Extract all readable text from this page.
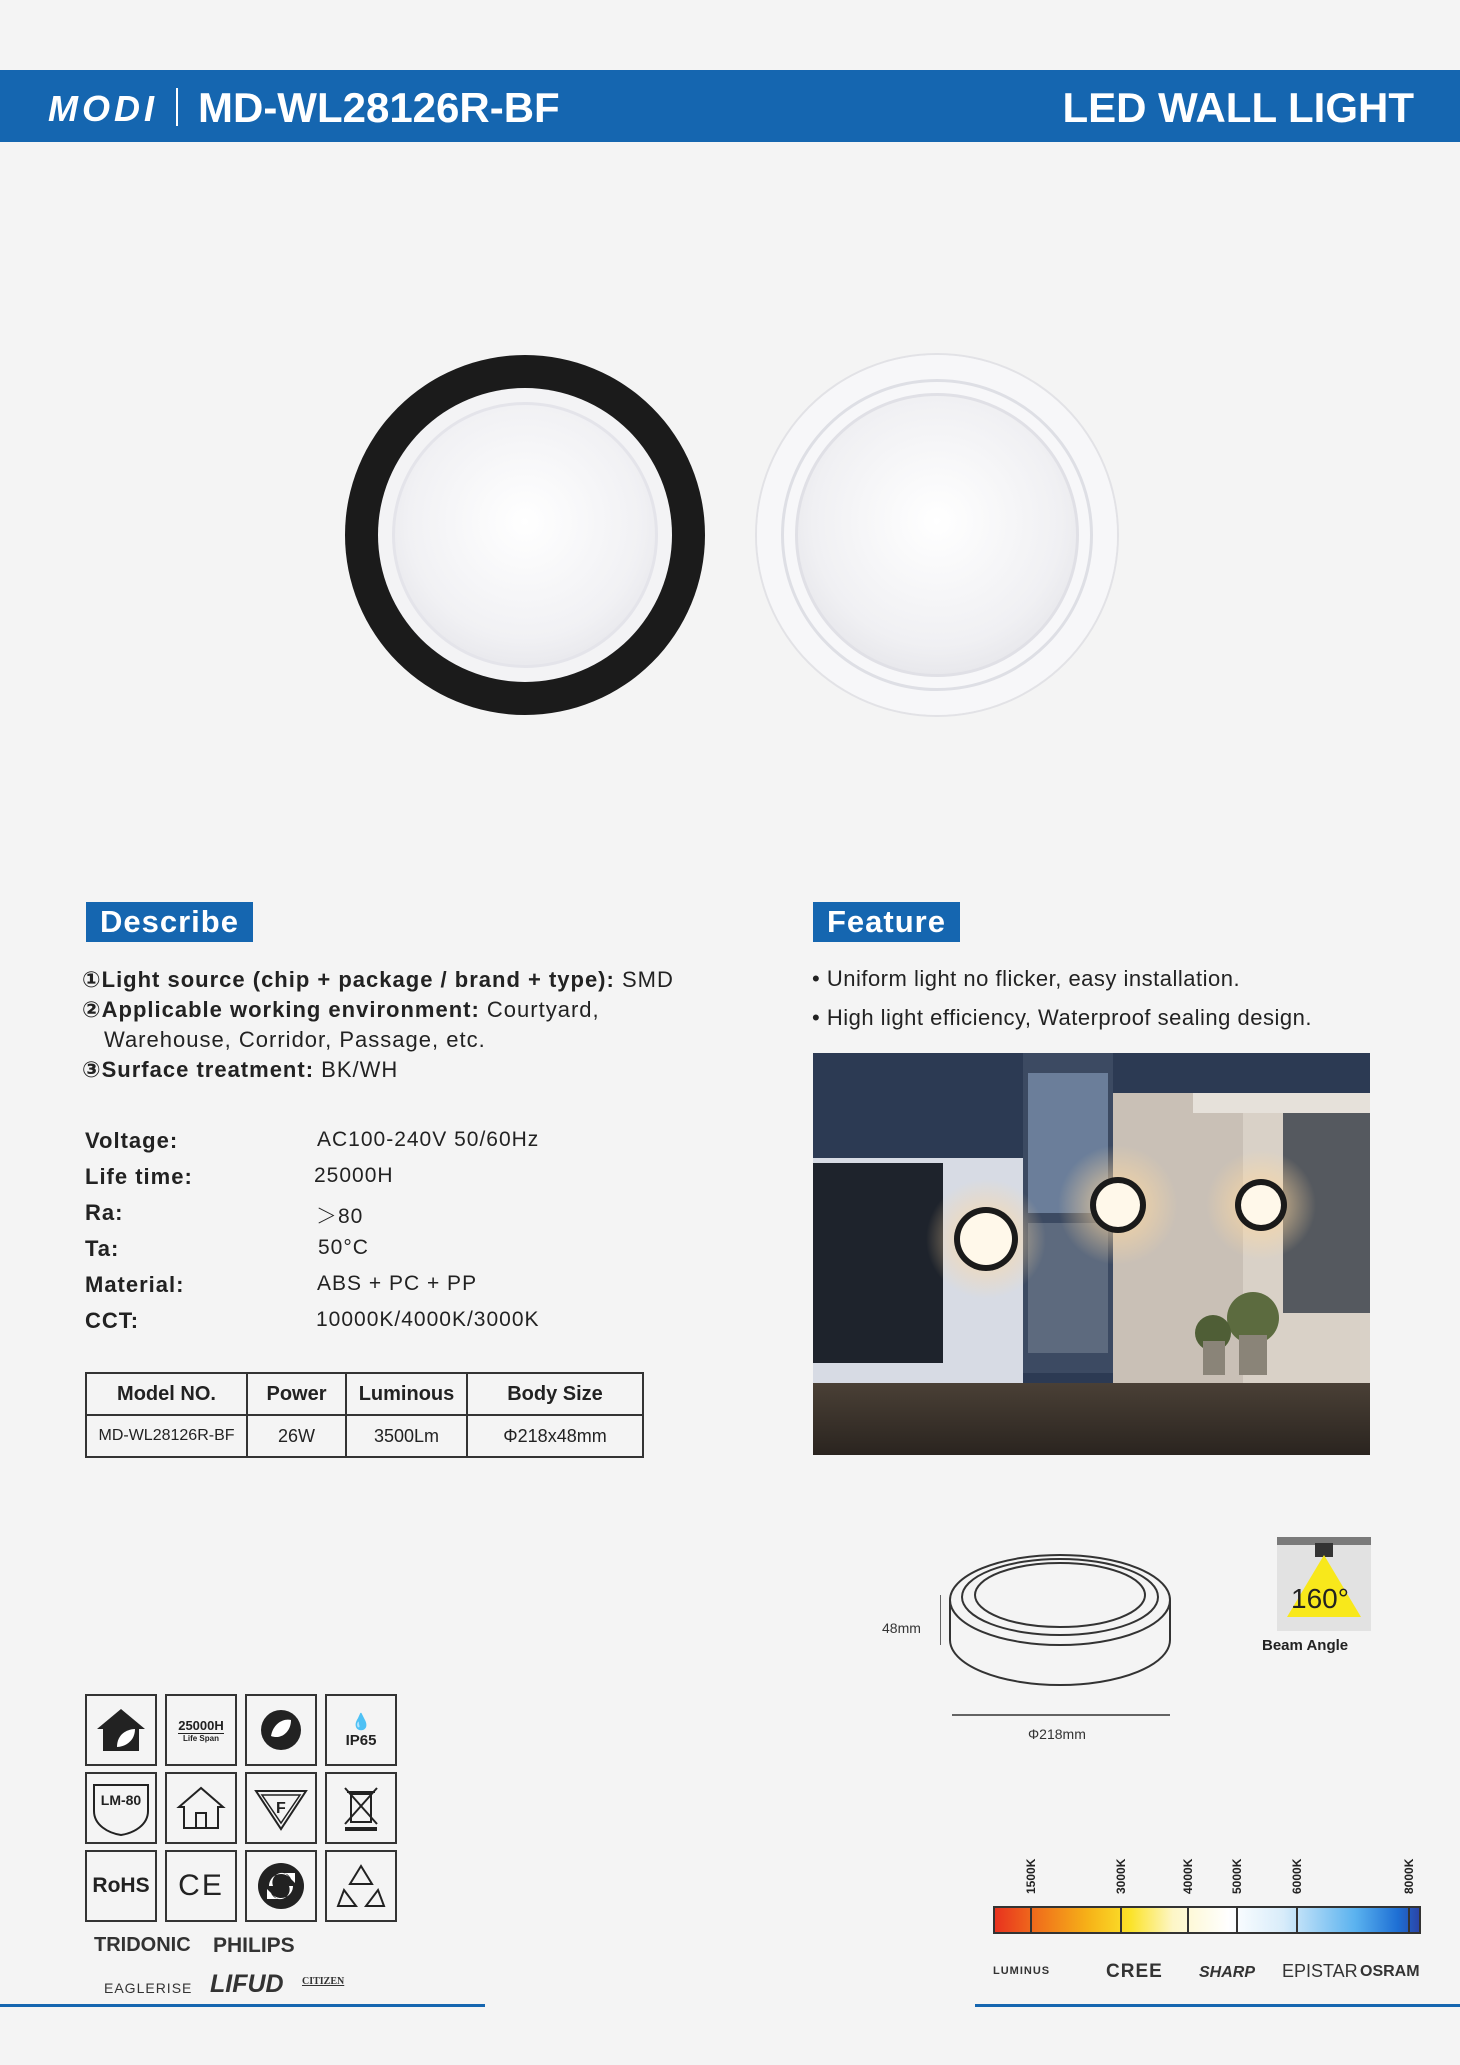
MODI MD-WL28126R-BF	LED WALL LIGHT
Describe	Feature
①Light source (chip + package / brand + type): SMD
②Applicable working environment: Courtyard,
Warehouse, Corridor, Passage, etc.
③Surface treatment: BK/WH
Voltage:	AC100-240V 50/60Hz
Life time:	25000H
Ra:	＞80
Ta:	50°C
Material:	ABS + PC + PP
CCT:	10000K/4000K/3000K
Model NO.	Power	Luminous	Body Size
MD-WL28126R-BF	26W	3500Lm	Φ218x48mm
• Uniform light no flicker, easy installation.
• High light efficiency, Waterproof sealing design.
48mm
Φ218mm
160°
Beam Angle
25000H
Life Span
💧
IP65
LM-80	F
RoHS CE
TRIDONIC PHILIPS
EAGLERISE LIFUD CITIZEN
1500K	3000K	4000K	5000K	6000K	8000K
LUMINUS	CREE SHARP EPISTAR OSRAM
